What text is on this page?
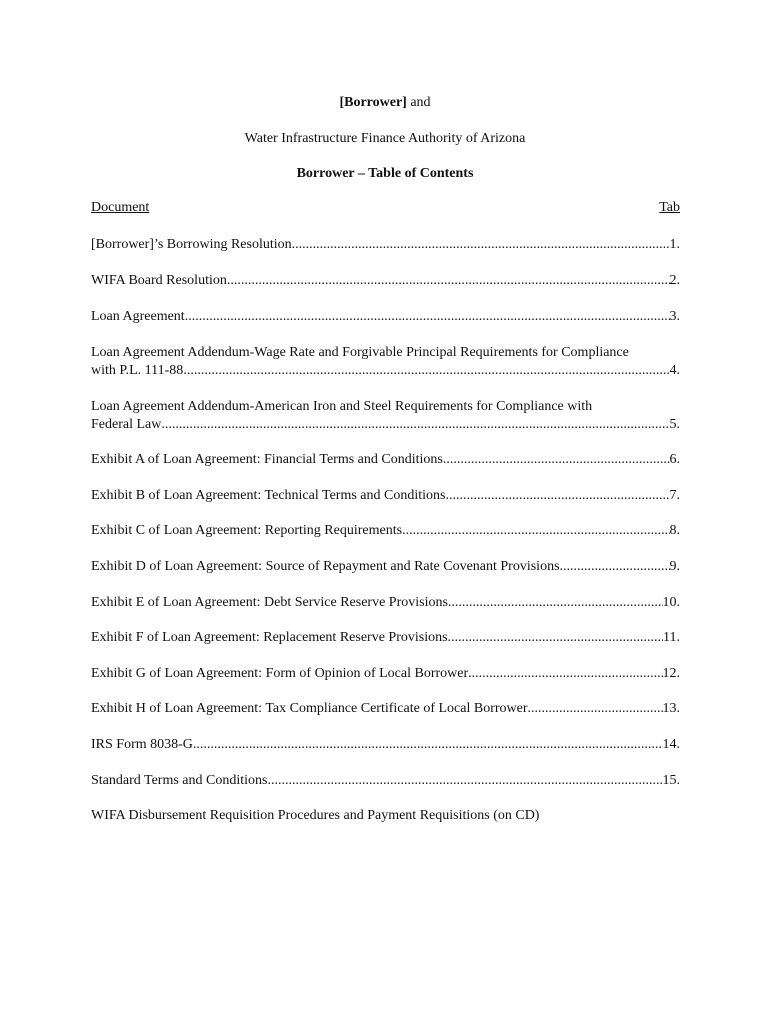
[Borrower] and
Water Infrastructure Finance Authority of Arizona
Borrower – Table of Contents
Document	Tab
[Borrower]’s Borrowing Resolution .....	1.
WIFA Board Resolution .....	2.
Loan Agreement .....	3.
Loan Agreement Addendum-Wage Rate and Forgivable Principal Requirements for Compliance
with P.L. 111-88 .....	4.
Loan Agreement Addendum-American Iron and Steel Requirements for Compliance with
Federal Law .....	5.
Exhibit A of Loan Agreement: Financial Terms and Conditions .....	6.
Exhibit B of Loan Agreement: Technical Terms and Conditions .....	7.
Exhibit C of Loan Agreement: Reporting Requirements .....	8.
Exhibit D of Loan Agreement: Source of Repayment and Rate Covenant Provisions .....	9.
Exhibit E of Loan Agreement: Debt Service Reserve Provisions .....	10.
Exhibit F of Loan Agreement: Replacement Reserve Provisions .....	11.
Exhibit G of Loan Agreement: Form of Opinion of Local Borrower .....	12.
Exhibit H of Loan Agreement: Tax Compliance Certificate of Local Borrower .....	13.
IRS Form 8038-G .....	14.
Standard Terms and Conditions .....	15.
WIFA Disbursement Requisition Procedures and Payment Requisitions (on CD)
